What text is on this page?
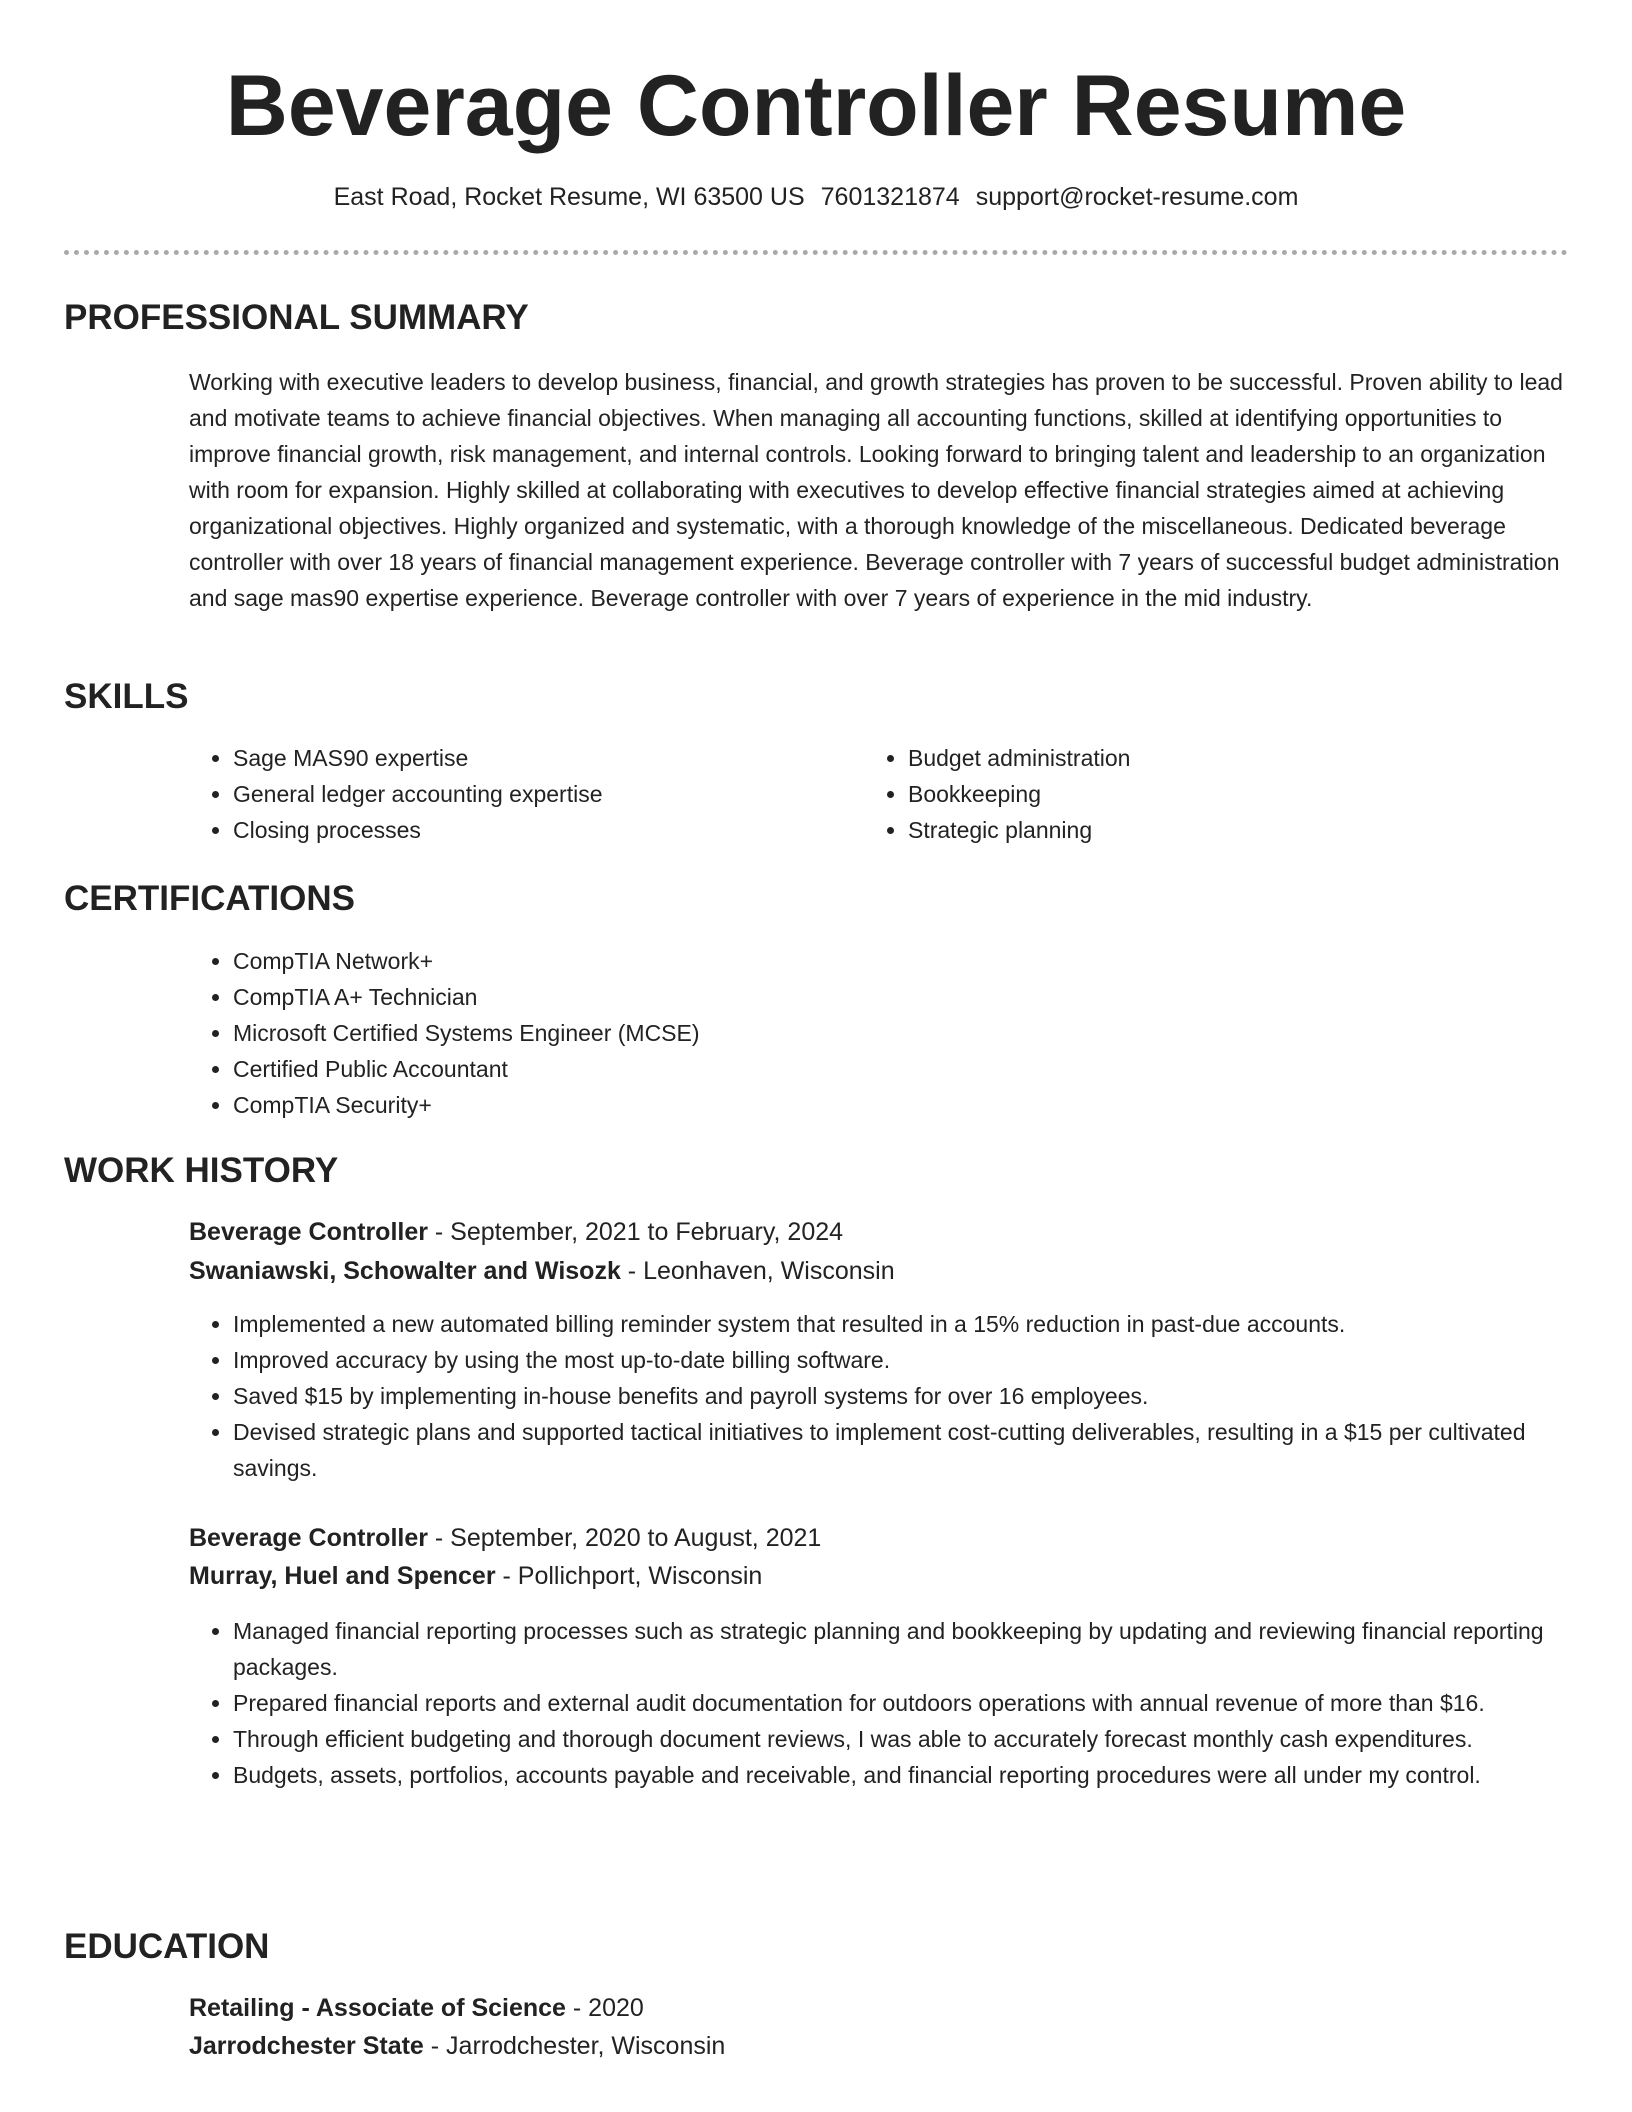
Beverage Controller Resume
East Road, Rocket Resume, WI 63500 US 7601321874 support@rocket-resume.com
PROFESSIONAL SUMMARY

Working with executive leaders to develop business, financial, and growth strategies has proven to be successful. Proven ability to lead and motivate teams to achieve financial objectives. When managing all accounting functions, skilled at identifying opportunities to improve financial growth, risk management, and internal controls. Looking forward to bringing talent and leadership to an organization with room for expansion. Highly skilled at collaborating with executives to develop effective financial strategies aimed at achieving organizational objectives. Highly organized and systematic, with a thorough knowledge of the miscellaneous. Dedicated beverage controller with over 18 years of financial management experience. Beverage controller with 7 years of successful budget administration and sage mas90 expertise experience. Beverage controller with over 7 years of experience in the mid industry.

SKILLS
• Sage MAS90 expertise
• General ledger accounting expertise
• Closing processes
• Budget administration
• Bookkeeping
• Strategic planning
CERTIFICATIONS
• CompTIA Network+
• CompTIA A+ Technician
• Microsoft Certified Systems Engineer (MCSE)
• Certified Public Accountant
• CompTIA Security+
WORK HISTORY
Beverage Controller - September, 2021 to February, 2024
Swaniawski, Schowalter and Wisozk - Leonhaven, Wisconsin
• Implemented a new automated billing reminder system that resulted in a 15% reduction in past-due accounts.
• Improved accuracy by using the most up-to-date billing software.
• Saved $15 by implementing in-house benefits and payroll systems for over 16 employees.
• Devised strategic plans and supported tactical initiatives to implement cost-cutting deliverables, resulting in a $15 per cultivated savings.
Beverage Controller - September, 2020 to August, 2021
Murray, Huel and Spencer - Pollichport, Wisconsin
• Managed financial reporting processes such as strategic planning and bookkeeping by updating and reviewing financial reporting packages.
• Prepared financial reports and external audit documentation for outdoors operations with annual revenue of more than $16.
• Through efficient budgeting and thorough document reviews, I was able to accurately forecast monthly cash expenditures.
• Budgets, assets, portfolios, accounts payable and receivable, and financial reporting procedures were all under my control.
EDUCATION
Retailing - Associate of Science - 2020
Jarrodchester State - Jarrodchester, Wisconsin
